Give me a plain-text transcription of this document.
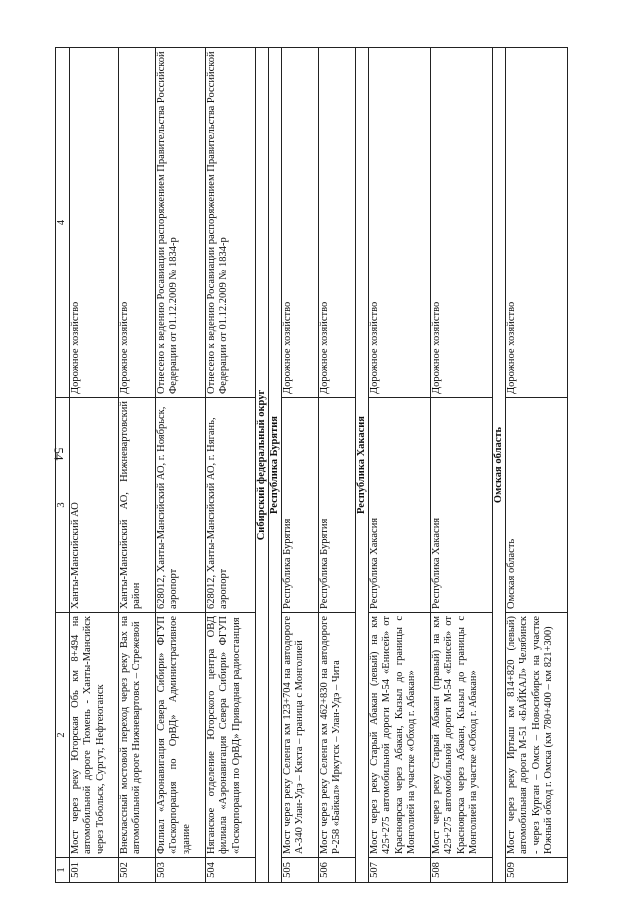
54
1	2	3	4
501	Мост через реку Югорская Обь км 8+494 на автомобильной дороге Тюмень - Ханты-Мансийск через Тобольск, Сургут, Нефтеюганск	Ханты-Мансийский АО	Дорожное хозяйство
502	Внеклассный мостовой переход через реку Вах на автомобильной дороге Нижневартовск – Стрежевой	Ханты-Мансийский АО, Нижневартовский район	Дорожное хозяйство
503	Филиал «Аэронавигация Севера Сибири» ФГУП «Госкорпорация по ОрВД» Административное здание	628012, Ханты-Мансийский АО, г. Ноябрьск, аэропорт	Отнесено к ведению Росавиации распоряжением Правительства Российской Федерации от 01.12.2009 № 1834-р
504	Няганское отделение Югорского центра ОВД филиала «Аэронавигация Севера Сибири» ФГУП «Госкорпорация по ОрВД» Приводная радиостанция	628012, Ханты-Мансийский АО, г. Нягань, аэропорт	Отнесено к ведению Росавиации распоряжением Правительства Российской Федерации от 01.12.2009 № 1834-р
Сибирский федеральный округ			
Республика Бурятия			
505	Мост через реку Селенга км 123+704 на автодороге А-340 Улан-Удэ – Кяхта – граница с Монголией	Республика Бурятия	Дорожное хозяйство
506	Мост через реку Селенга км 462+830 на автодороге Р-258 «Байкал» Иркутск – Улан-Удэ – Чита	Республика Бурятия	Дорожное хозяйство
Республика Хакасия			
507	Мост через реку Старый Абакан (левый) на км 425+275 автомобильной дороги М-54 «Енисей» от Красноярска через Абакан, Кызыл до границы с Монголией на участке «Обход г. Абакан»	Республика Хакасия	Дорожное хозяйство
508	Мост через реку Старый Абакан (правый) на км 425+275 автомобильной дороги М-54 «Енисей» от Красноярска через Абакан, Кызыл до границы с Монголией на участке «Обход г. Абакан»	Республика Хакасия	Дорожное хозяйство
Омская область			
509	Мост через реку Иртыш км 814+820 (левый) автомобильная дорога М-51 «БАЙКАЛ» Челябинск - через Курган – Омск – Новосибирск на участке Южный обход г. Омска (км 780+400 – км 821+300)	Омская область	Дорожное хозяйство
